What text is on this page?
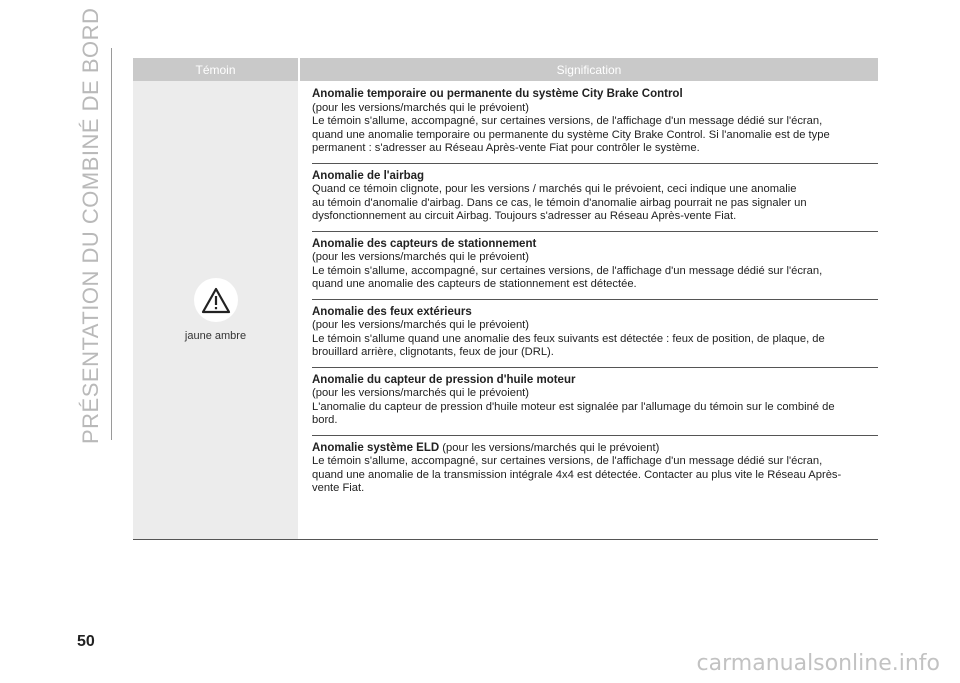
PRÉSENTATION DU COMBINÉ DE BORD	Témoin	Signification
jaune ambre
Anomalie temporaire ou permanente du système City Brake Control
(pour les versions/marchés qui le prévoient)
Le témoin s'allume, accompagné, sur certaines versions, de l'affichage d'un message dédié sur l'écran,
quand une anomalie temporaire ou permanente du système City Brake Control. Si l'anomalie est de type
permanent : s'adresser au Réseau Après-vente Fiat pour contrôler le système.
Anomalie de l'airbag
Quand ce témoin clignote, pour les versions / marchés qui le prévoient, ceci indique une anomalie
au témoin d'anomalie d'airbag. Dans ce cas, le témoin d'anomalie airbag pourrait ne pas signaler un
dysfonctionnement au circuit Airbag. Toujours s'adresser au Réseau Après-vente Fiat.
Anomalie des capteurs de stationnement
(pour les versions/marchés qui le prévoient)
Le témoin s'allume, accompagné, sur certaines versions, de l'affichage d'un message dédié sur l'écran,
quand une anomalie des capteurs de stationnement est détectée.
Anomalie des feux extérieurs
(pour les versions/marchés qui le prévoient)
Le témoin s'allume quand une anomalie des feux suivants est détectée : feux de position, de plaque, de
brouillard arrière, clignotants, feux de jour (DRL).
Anomalie du capteur de pression d'huile moteur
(pour les versions/marchés qui le prévoient)
L'anomalie du capteur de pression d'huile moteur est signalée par l'allumage du témoin sur le combiné de
bord.
Anomalie système ELD (pour les versions/marchés qui le prévoient)
Le témoin s'allume, accompagné, sur certaines versions, de l'affichage d'un message dédié sur l'écran,
quand une anomalie de la transmission intégrale 4x4 est détectée. Contacter au plus vite le Réseau Après-
vente Fiat.
50
carmanualsonline.info
